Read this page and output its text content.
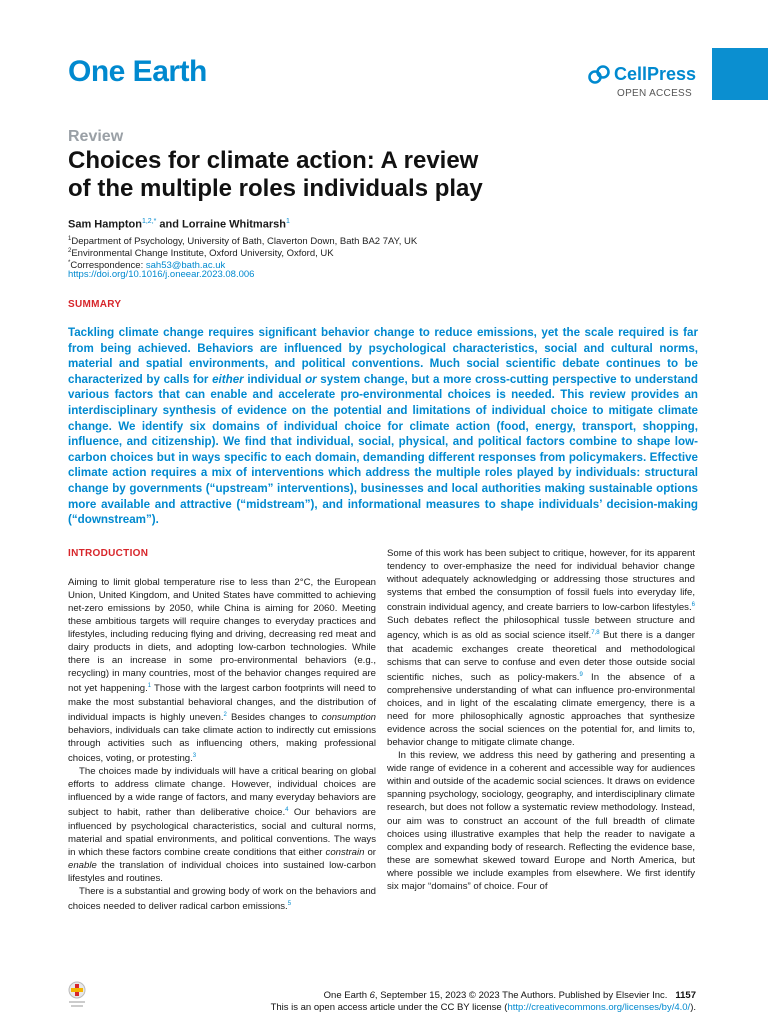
One Earth	CellPress
OPEN ACCESS
Review
Choices for climate action: A review
of the multiple roles individuals play
Sam Hampton$^{1,2,*}$ and Lorraine Whitmarsh$^1$
$^1$Department of Psychology, University of Bath, Claverton Down, Bath BA2 7AY, UK
$^2$Environmental Change Institute, Oxford University, Oxford, UK
*Correspondence: sah53@bath.ac.uk
https://doi.org/10.1016/j.oneear.2023.08.006
SUMMARY
Tackling climate change requires significant behavior change to reduce emissions, yet the scale required is far from being achieved. Behaviors are influenced by psychological characteristics, social and cultural norms, material and spatial environments, and political conventions. Much social scientific debate continues to be characterized by calls for either individual or system change, but a more cross-cutting perspective to understand various factors that can enable and accelerate pro-environmental choices is needed. This review provides an interdisciplinary synthesis of evidence on the potential and limitations of individual choice to mitigate climate change. We identify six domains of individual choice for climate action (food, energy, transport, shopping, influence, and citizenship). We find that individual, social, physical, and political factors combine to shape low-carbon choices but in ways specific to each domain, demanding different responses from policymakers. Effective climate action requires a mix of interventions which address the multiple roles played by individuals: structural change by governments (“upstream” interventions), businesses and local authorities making sustainable options more available and attractive (“midstream”), and informational measures to shape individuals’ decision-making (“downstream”).
INTRODUCTION

Aiming to limit global temperature rise to less than 2°C, the European Union, United Kingdom, and United States have committed to achieving net-zero emissions by 2050, while China is aiming for 2060. Meeting these ambitious targets will require changes to everyday practices and lifestyles, including reducing flying and driving, decreasing red meat and dairy products in diets, and adopting low-carbon technologies. While there is an increase in some pro-environmental behaviors (e.g., recycling) in many countries, most of the behavior changes required are not yet happening.$^1$ Those with the largest carbon footprints will need to make the most substantial behavioral changes, and the distribution of individual impacts is highly uneven.$^2$ Besides changes to consumption behaviors, individuals can take climate action to indirectly cut emissions through activities such as influencing others, making professional choices, voting, or protesting.$^3$

The choices made by individuals will have a critical bearing on global efforts to address climate change. However, individual choices are influenced by a wide range of factors, and many everyday behaviors are subject to habit, rather than deliberative choice.$^4$ Our behaviors are influenced by psychological characteristics, social and cultural norms, material and spatial environments, and political conventions. The ways in which these factors combine create conditions that either constrain or enable the translation of individual choices into sustained low-carbon lifestyles and routines.

There is a substantial and growing body of work on the behaviors and choices needed to deliver radical carbon emissions.$^5$

Some of this work has been subject to critique, however, for its apparent tendency to over-emphasize the need for individual behavior change without adequately acknowledging or addressing those structures and systems that embed the consumption of fossil fuels into everyday life, constrain individual agency, and create barriers to low-carbon lifestyles.$^6$ Such debates reflect the philosophical tussle between structure and agency, which is as old as social science itself.$^{7,8}$ But there is a danger that academic exchanges create theoretical and methodological schisms that can serve to confuse and even deter those outside social scientific niches, such as policy-makers.$^9$ In the absence of a comprehensive understanding of what can influence pro-environmental choices, and in light of the escalating climate emergency, there is a need for more philosophically agnostic approaches that synthesize evidence across the social sciences on the potential for, and limits to, behavior change to mitigate climate change.

In this review, we address this need by gathering and presenting a wide range of evidence in a coherent and accessible way for audiences within and outside of the academic social sciences. It draws on evidence spanning psychology, sociology, geography, and interdisciplinary climate research, but does not follow a systematic review methodology. Instead, our aim was to construct an account of the full breadth of climate choices using illustrative examples that help the reader to navigate a complex and expanding body of research. Reflecting the evidence base, these are somewhat skewed toward Europe and North America, but where possible we include examples from elsewhere. We first identify six major “domains” of choice. Four of

One Earth 6, September 15, 2023 © 2023 The Authors. Published by Elsevier Inc. 1157
This is an open access article under the CC BY license (http://creativecommons.org/licenses/by/4.0/).
